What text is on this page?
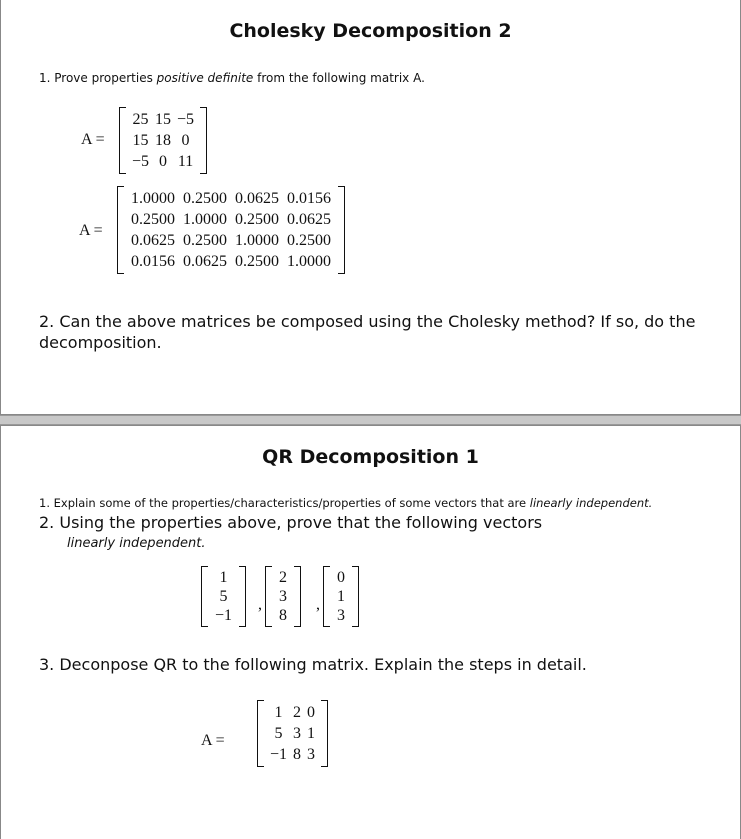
Cholesky Decomposition 2
1. Prove properties positive definite from the following matrix A.
A =
25	15	−5
15	18	0
−5	0	11
A =
1.0000	0.2500	0.0625	0.0156
0.2500	1.0000	0.2500	0.0625
0.0625	0.2500	1.0000	0.2500
0.0156	0.0625	0.2500	1.0000
2. Can the above matrices be composed using the Cholesky method? If so, do the decomposition.
QR Decomposition 1
1. Explain some of the properties/characteristics/properties of some vectors that are linearly independent.
2. Using the properties above, prove that the following vectors
linearly independent.
1
5
−1
,
2
3
8
,
0
1
3
3. Deconpose QR to the following matrix. Explain the steps in detail.
A =
1	2	0
5	3	1
−1	8	3
